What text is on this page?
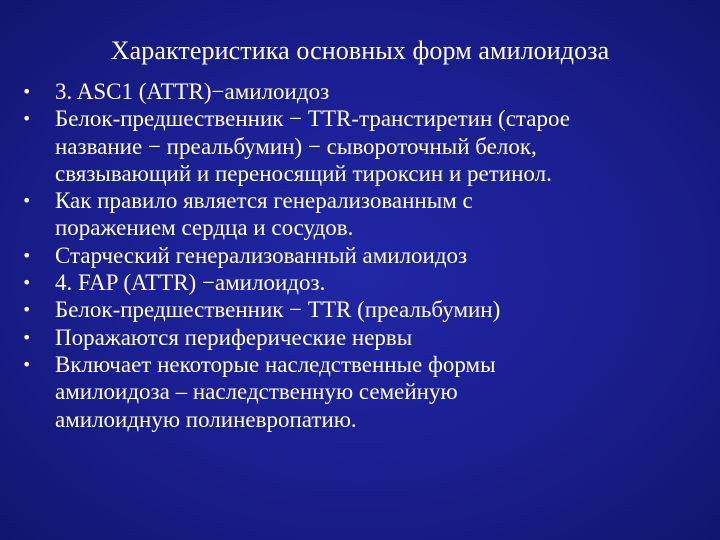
Характеристика основных форм амилоидоза
•	3. ASC1 (ATTR)−амилоидоз
•	Белок-предшественник − TTR-транстиретин (старое
название − преальбумин) − сывороточный белок,
связывающий и переносящий тироксин и ретинол.
•	Как правило является генерализованным с
поражением сердца и сосудов.
•	Старческий генерализованный амилоидоз
•	4. FAP (ATTR) −амилоидоз.
•	Белок-предшественник − TTR (преальбумин)
•	Поражаются периферические нервы
•	Включает некоторые наследственные формы
амилоидоза – наследственную семейную
амилоидную полиневропатию.
